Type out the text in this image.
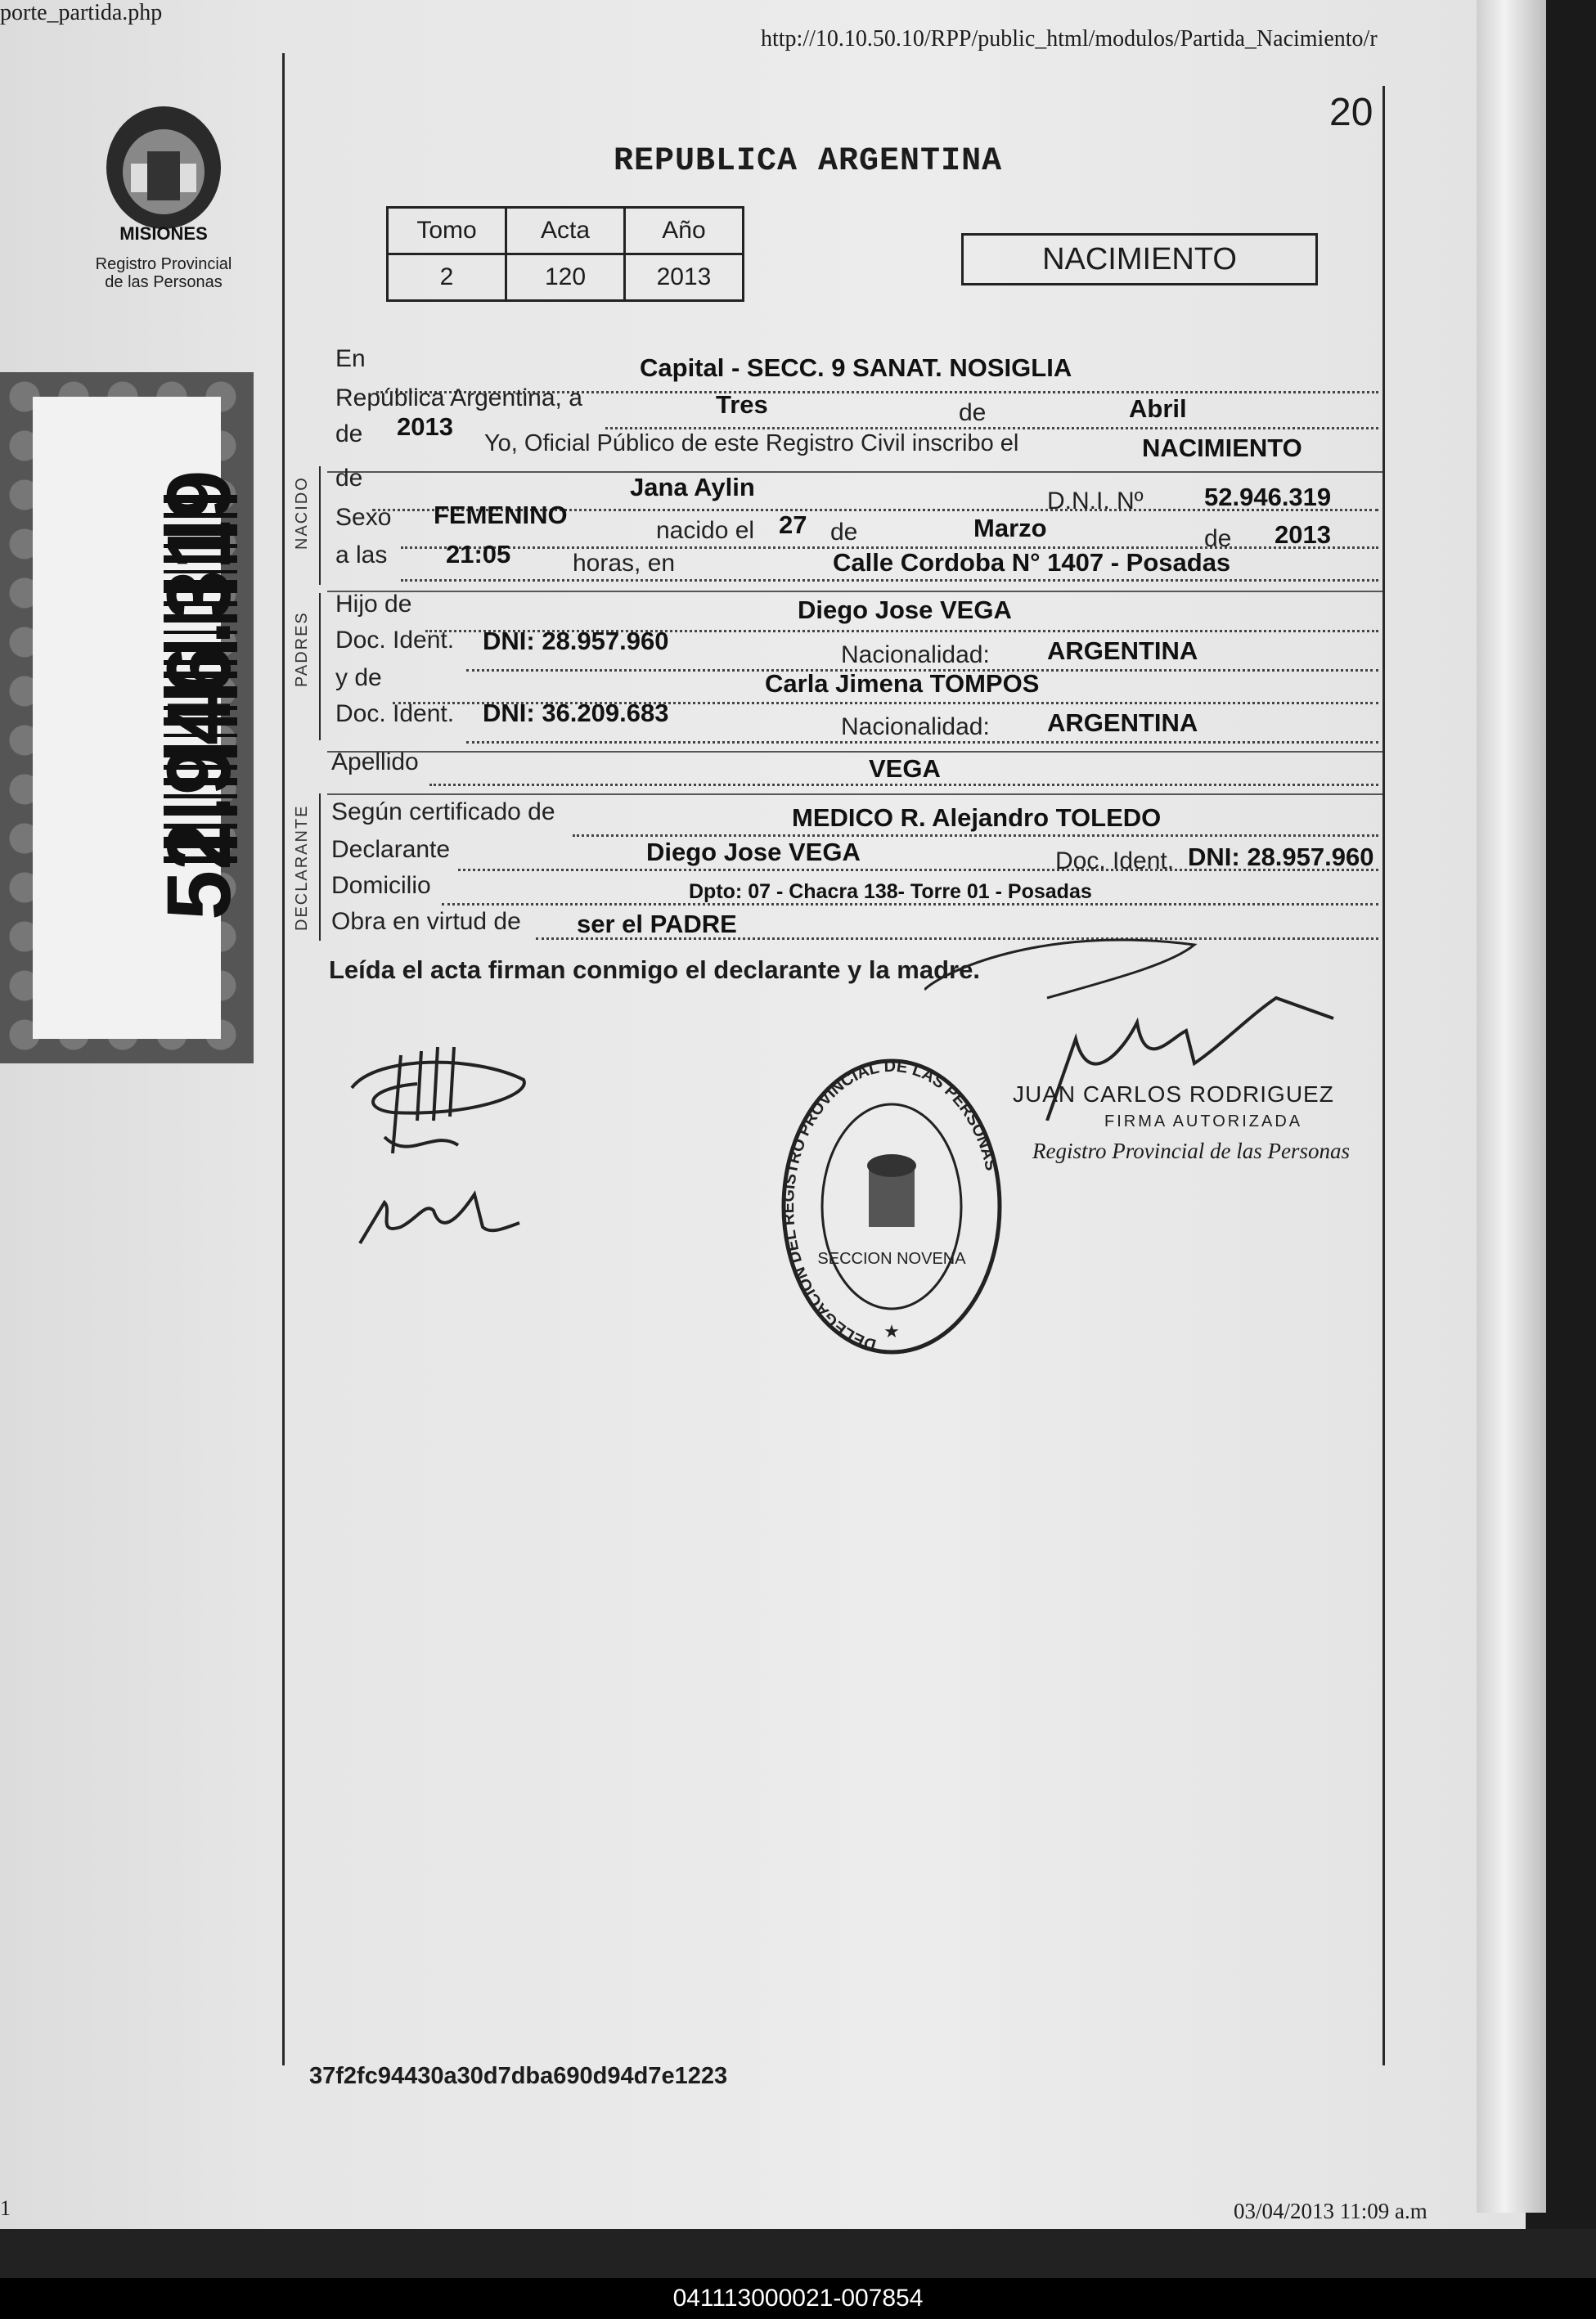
porte_partida.php
http://10.10.50.10/RPP/public_html/modulos/Partida_Nacimiento/r
20
MISIONES
Registro Provincial de las Personas
52.946.319
REPUBLICA ARGENTINA
Tomo	Acta	Año
2	120	2013
NACIMIENTO
NACIDO
PADRES
DECLARANTE
En	Capital - SECC. 9 SANAT. NOSIGLIA
República Argentina, a	Tres	de	Abril
de 2013
Yo, Oficial Público de este Registro Civil inscribo el	NACIMIENTO
de	Jana Aylin	D.N.I. Nº 52.946.319
Sexo FEMENINO
nacido el 27 de	Marzo	de 2013
a las 21:05	horas, en	Calle Cordoba N° 1407 - Posadas
Hijo de	Diego Jose VEGA
Doc. Ident. DNI: 28.957.960	Nacionalidad: ARGENTINA
y de	Carla Jimena TOMPOS
Doc. Ident. DNI: 36.209.683	Nacionalidad: ARGENTINA
Apellido	VEGA
Según certificado de	MEDICO R. Alejandro TOLEDO
Declarante	Diego Jose VEGA	Doc. Ident. DNI: 28.957.960
Domicilio	Dpto: 07 - Chacra 138- Torre 01 - Posadas
Obra en virtud de ser el PADRE
Leída el acta firman conmigo el declarante y la madre.
JUAN CARLOS RODRIGUEZ
FIRMA AUTORIZADA
Registro Provincial de las Personas
DELEGACION DEL REGISTRO PROVINCIAL DE LAS PERSONAS
SECCION NOVENA
★
37f2fc94430a30d7dba690d94d7e1223
1	03/04/2013 11:09 a.m
041113000021-007854
